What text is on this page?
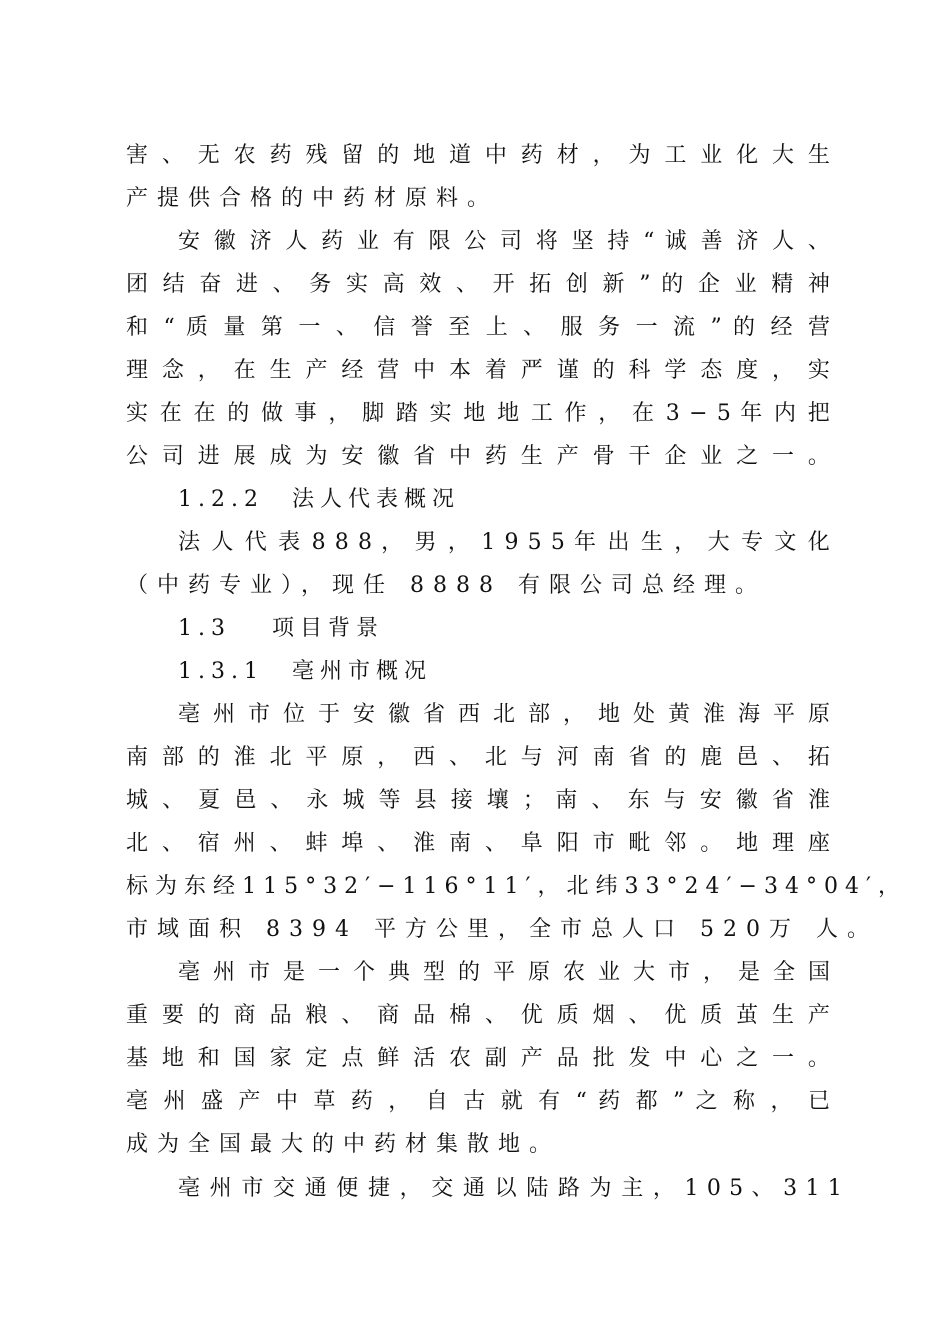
害 、 无 农 药 残 留 的 地 道 中 药 材 ， 为 工 业 化 大 生
产提供合格的中药材原料。
安 徽 济 人 药 业 有 限 公 司 将 坚 持 “ 诚 善 济 人 、
团 结 奋 进 、 务 实 高 效 、 开 拓 创 新 ” 的 企 业 精 神
和 “ 质 量 第 一 、 信 誉 至 上 、 服 务 一 流 ” 的 经 营
理 念 ， 在 生 产 经 营 中 本 着 严 谨 的 科 学 态 度 ， 实
实 在 在 的 做 事 ， 脚 踏 实 地 地 工 作 ， 在 3 − 5 年 内 把
公 司 进 展 成 为 安 徽 省 中 药 生 产 骨 干 企 业 之 一 。
1.2.2　法人代表概况
法 人 代 表 8 8 8 ， 男 ， 1 9 5 5 年 出 生 ， 大 专 文 化
（中药专业），现任 8888 有限公司总经理。
1.3　 项目背景
1.3.1　亳州市概况
亳 州 市 位 于 安 徽 省 西 北 部 ， 地 处 黄 淮 海 平 原
南 部 的 淮 北 平 原 ， 西 、 北 与 河 南 省 的 鹿 邑 、 拓
城 、 夏 邑 、 永 城 等 县 接 壤 ； 南 、 东 与 安 徽 省 淮
北 、 宿 州 、 蚌 埠 、 淮 南 、 阜 阳 市 毗 邻 。 地 理 座
标 为 东 经 1 1 5 ° 3 2 ′ − 1 1 6 ° 1 1 ′ ， 北 纬 3 3 ° 2 4 ′ − 3 4 ° 0 4 ′ ，
市域面积 8394 平方公里，全市总人口 520万 人。
亳 州 市 是 一 个 典 型 的 平 原 农 业 大 市 ， 是 全 国
重 要 的 商 品 粮 、 商 品 棉 、 优 质 烟 、 优 质 茧 生 产
基 地 和 国 家 定 点 鲜 活 农 副 产 品 批 发 中 心 之 一 。
亳 州 盛 产 中 草 药 ， 自 古 就 有 “ 药 都 ” 之 称 ， 已
成为全国最大的中药材集散地。
亳 州 市 交 通 便 捷 ， 交 通 以 陆 路 为 主 ， 1 0 5 、 3 1 1
